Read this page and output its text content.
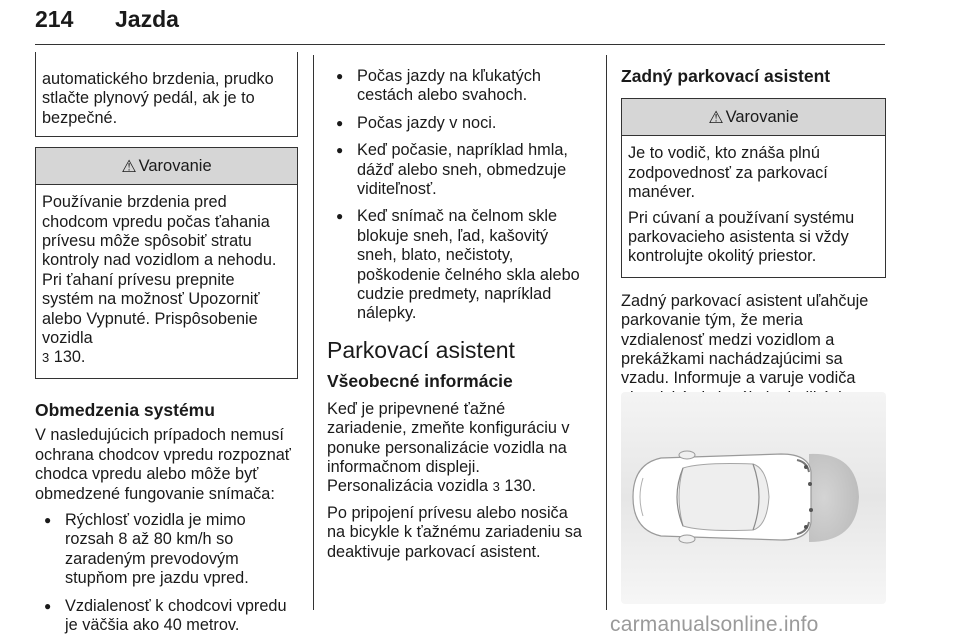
214 Jazda

automatického brzdenia, prudko stlačte plynový pedál, ak je to bezpečné.

⚠ Varovanie

Používanie brzdenia pred chodcom vpredu počas ťahania prívesu môže spôsobiť stratu kontroly nad vozidlom a nehodu. Pri ťahaní prívesu prepnite systém na možnosť Upozorniť alebo Vypnuté. Prispôsobenie vozidla
3 130.

Obmedzenia systému

V nasledujúcich prípadoch nemusí ochrana chodcov vpredu rozpoznať chodca vpredu alebo môže byť obmedzené fungovanie snímača:

● Rýchlosť vozidla je mimo rozsah 8 až 80 km/h so zaradeným prevodovým stupňom pre jazdu vpred.
● Vzdialenosť k chodcovi vpredu je väčšia ako 40 metrov.
● Počas jazdy na kľukatých cestách alebo svahoch.
● Počas jazdy v noci.
● Keď počasie, napríklad hmla, dážď alebo sneh, obmedzuje viditeľnosť.
● Keď snímač na čelnom skle blokuje sneh, ľad, kašovitý sneh, blato, nečistoty, poškodenie čelného skla alebo cudzie predmety, napríklad nálepky.
Parkovací asistent
Všeobecné informácie

Keď je pripevnené ťažné zariadenie, zmeňte konfiguráciu v ponuke personalizácie vozidla na informačnom displeji. Personalizácia vozidla 3 130.

Po pripojení prívesu alebo nosiča na bicykle k ťažnému zariadeniu sa deaktivuje parkovací asistent.

Zadný parkovací asistent
⚠ Varovanie

Je to vodič, kto znáša plnú zodpovednosť za parkovací manéver.

Pri cúvaní a používaní systému parkovacieho asistenta si vždy kontrolujte okolitý priestor.

Zadný parkovací asistent uľahčuje parkovanie tým, že meria vzdialenosť medzi vozidlom a prekážkami nachádzajúcimi sa vzadu. Informuje a varuje vodiča

carmanualsonline.info
